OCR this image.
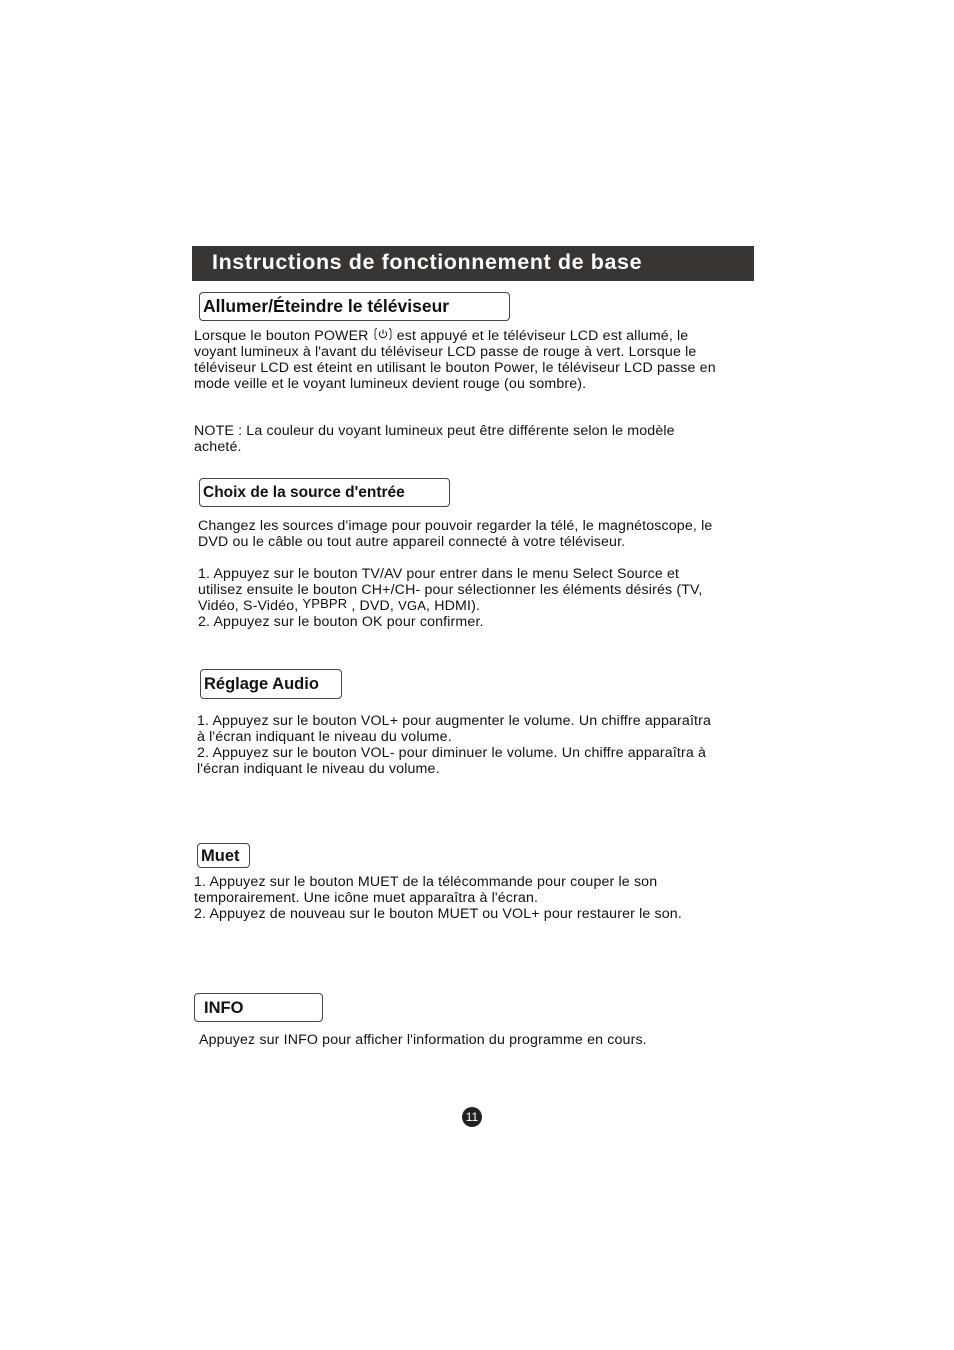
Instructions de fonctionnement de base
Allumer/Éteindre le téléviseur
Lorsque le bouton POWER  est appuyé et le téléviseur LCD est allumé, le
voyant lumineux à l'avant du téléviseur LCD passe de rouge à vert. Lorsque le
téléviseur LCD est éteint en utilisant le bouton Power, le téléviseur LCD passe en
mode veille et le voyant lumineux devient rouge (ou sombre).
NOTE : La couleur du voyant lumineux peut être différente selon le modèle
acheté.
Choix de la source d'entrée
Changez les sources d'image pour pouvoir regarder la télé, le magnétoscope, le
DVD ou le câble ou tout autre appareil connecté à votre téléviseur.
1. Appuyez sur le bouton TV/AV pour entrer dans le menu Select Source et
utilisez ensuite le bouton CH+/CH- pour sélectionner les éléments désirés (TV,
Vidéo, S-Vidéo, YPBPR , DVD, VGA, HDMI).
2. Appuyez sur le bouton OK pour confirmer.
Réglage Audio
1. Appuyez sur le bouton VOL+ pour augmenter le volume. Un chiffre apparaîtra
à l'écran indiquant le niveau du volume.
2. Appuyez sur le bouton VOL- pour diminuer le volume. Un chiffre apparaîtra à
l'écran indiquant le niveau du volume.
Muet
1. Appuyez sur le bouton MUET de la télécommande pour couper le son
temporairement. Une icône muet apparaîtra à l'écran.
2. Appuyez de nouveau sur le bouton MUET ou VOL+ pour restaurer le son.
INFO
Appuyez sur INFO pour afficher l'information du programme en cours.
11
